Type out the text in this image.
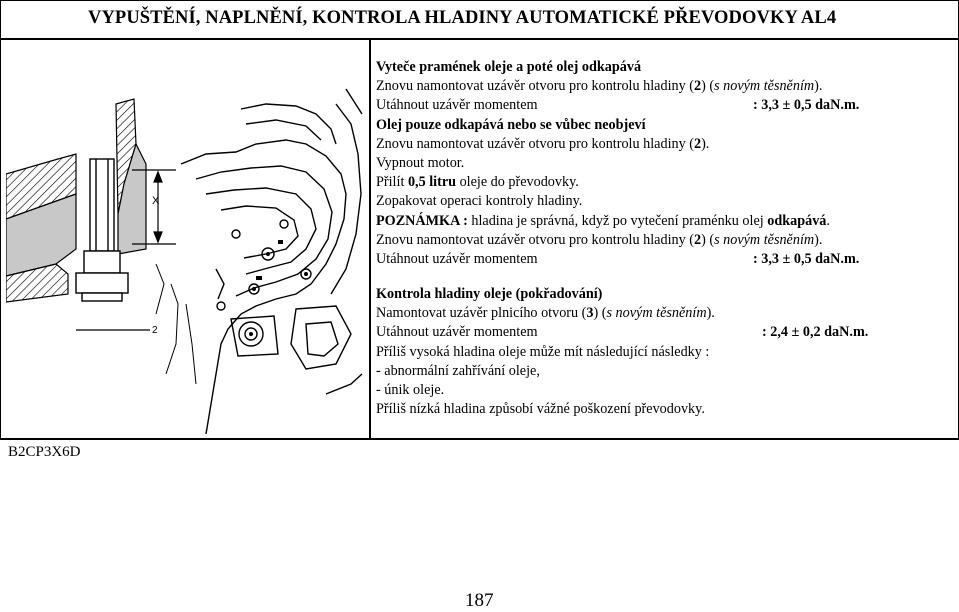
VYPUŠTĚNÍ, NAPLNĚNÍ, KONTROLA HLADINY AUTOMATICKÉ PŘEVODOVKY AL4
X
2
Vyteče pramének oleje a poté olej odkapává
Znovu namontovat uzávěr otvoru pro kontrolu hladiny (2) (s novým těsněním).
Utáhnout uzávěr momentem	: 3,3 ± 0,5 daN.m.
Olej pouze odkapává nebo se vůbec neobjeví
Znovu namontovat uzávěr otvoru pro kontrolu hladiny (2).
Vypnout motor.
Přilít 0,5 litru oleje do převodovky.
Zopakovat operaci kontroly hladiny.
POZNÁMKA : hladina je správná, když po vytečení praménku olej odkapává.
Znovu namontovat uzávěr otvoru pro kontrolu hladiny (2) (s novým těsněním).
Utáhnout uzávěr momentem	: 3,3 ± 0,5 daN.m.
Kontrola hladiny oleje (pokřadování)
Namontovat uzávěr plnicího otvoru (3) (s novým těsněním).
Utáhnout uzávěr momentem	: 2,4 ± 0,2 daN.m.
Příliš vysoká hladina oleje může mít následující následky :
- abnormální zahřívání oleje,
- únik oleje.
Příliš nízká hladina způsobí vážné poškození převodovky.
B2CP3X6D
187
